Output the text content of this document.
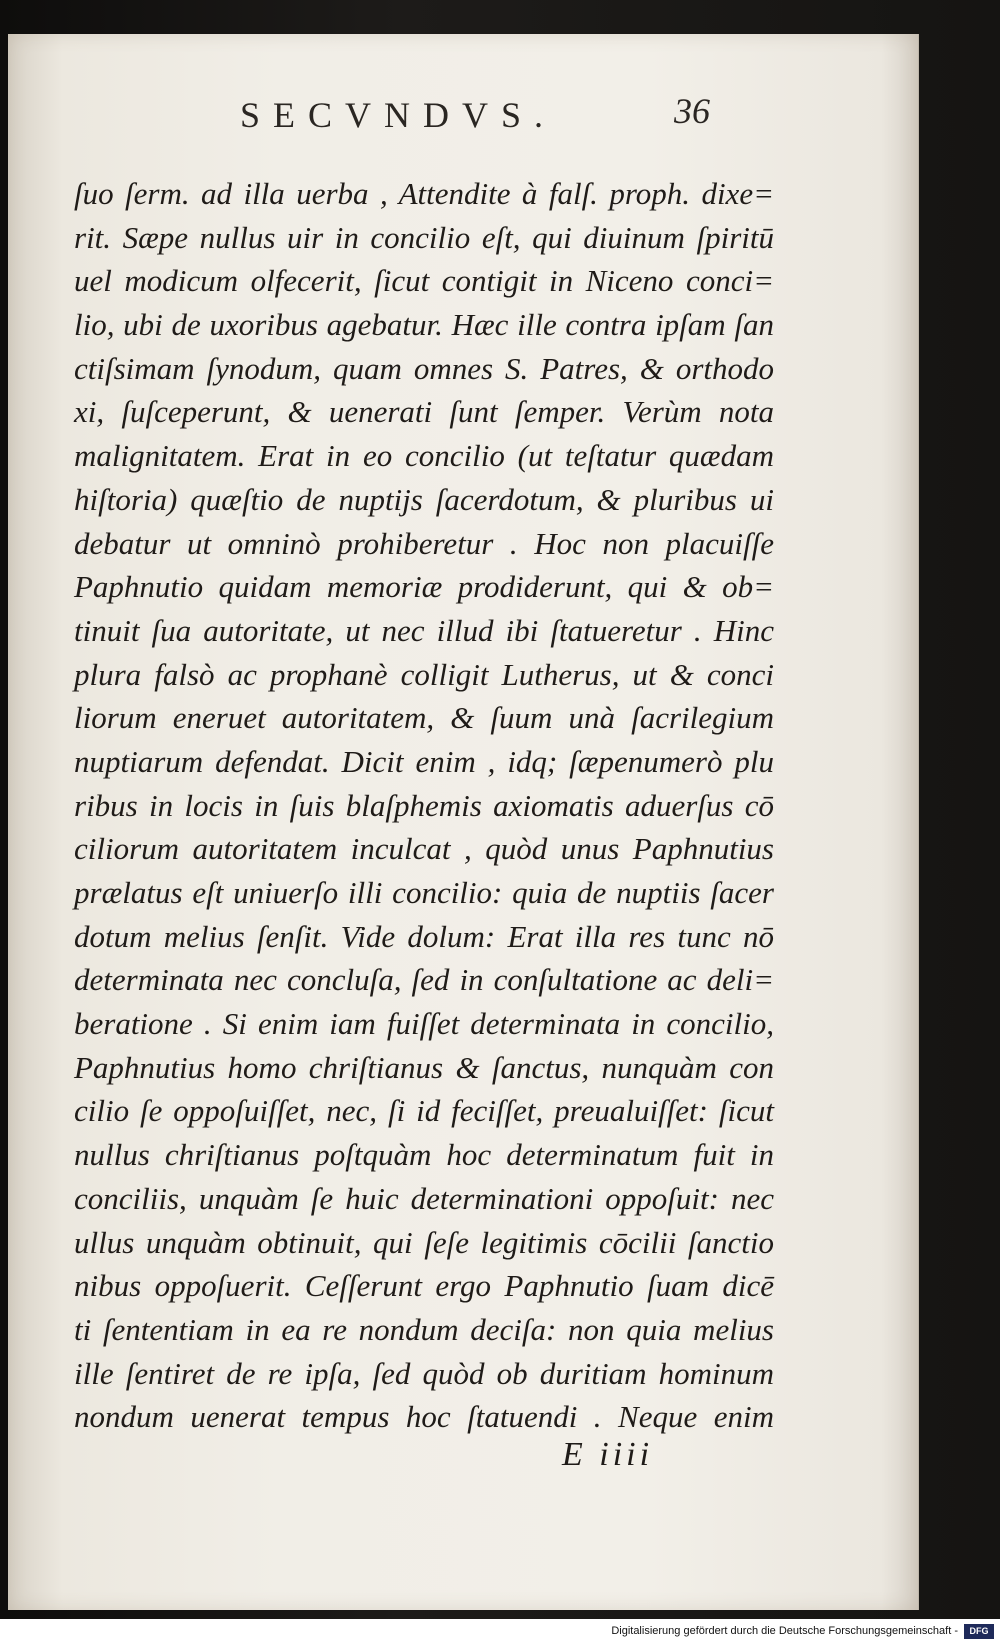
SECVNDVS.	36
ſuo ſerm. ad illa uerba , Attendite à falſ. proph. dixe=
rit. Sæpe nullus uir in concilio eſt, qui diuinum ſpiritū
uel modicum olfecerit, ſicut contigit in Niceno conci=
lio, ubi de uxoribus agebatur. Hæc ille contra ipſam ſan
ctiſsimam ſynodum, quam omnes S. Patres, & orthodo
xi, ſuſceperunt, & uenerati ſunt ſemper. Verùm nota
malignitatem. Erat in eo concilio (ut teſtatur quædam
hiſtoria) quæſtio de nuptijs ſacerdotum, & pluribus ui
debatur ut omninò prohiberetur . Hoc non placuiſſe
Paphnutio quidam memoriæ prodiderunt, qui & ob=
tinuit ſua autoritate, ut nec illud ibi ſtatueretur . Hinc
plura falsò ac prophanè colligit Lutherus, ut & conci
liorum eneruet autoritatem, & ſuum unà ſacrilegium
nuptiarum defendat. Dicit enim , idq; ſæpenumerò plu
ribus in locis in ſuis blaſphemis axiomatis aduerſus cō
ciliorum autoritatem inculcat , quòd unus Paphnutius
prælatus eſt uniuerſo illi concilio: quia de nuptiis ſacer
dotum melius ſenſit. Vide dolum: Erat illa res tunc nō
determinata nec concluſa, ſed in conſultatione ac deli=
beratione . Si enim iam fuiſſet determinata in concilio,
Paphnutius homo chriſtianus & ſanctus, nunquàm con
cilio ſe oppoſuiſſet, nec, ſi id feciſſet, preualuiſſet: ſicut
nullus chriſtianus poſtquàm hoc determinatum fuit in
conciliis, unquàm ſe huic determinationi oppoſuit: nec
ullus unquàm obtinuit, qui ſeſe legitimis cōcilii ſanctio
nibus oppoſuerit. Ceſſerunt ergo Paphnutio ſuam dicē
ti ſententiam in ea re nondum deciſa: non quia melius
ille ſentiret de re ipſa, ſed quòd ob duritiam hominum
nondum uenerat tempus hoc ſtatuendi . Neque enim
E iiii
Digitalisierung gefördert durch die Deutsche Forschungsgemeinschaft -	DFG
